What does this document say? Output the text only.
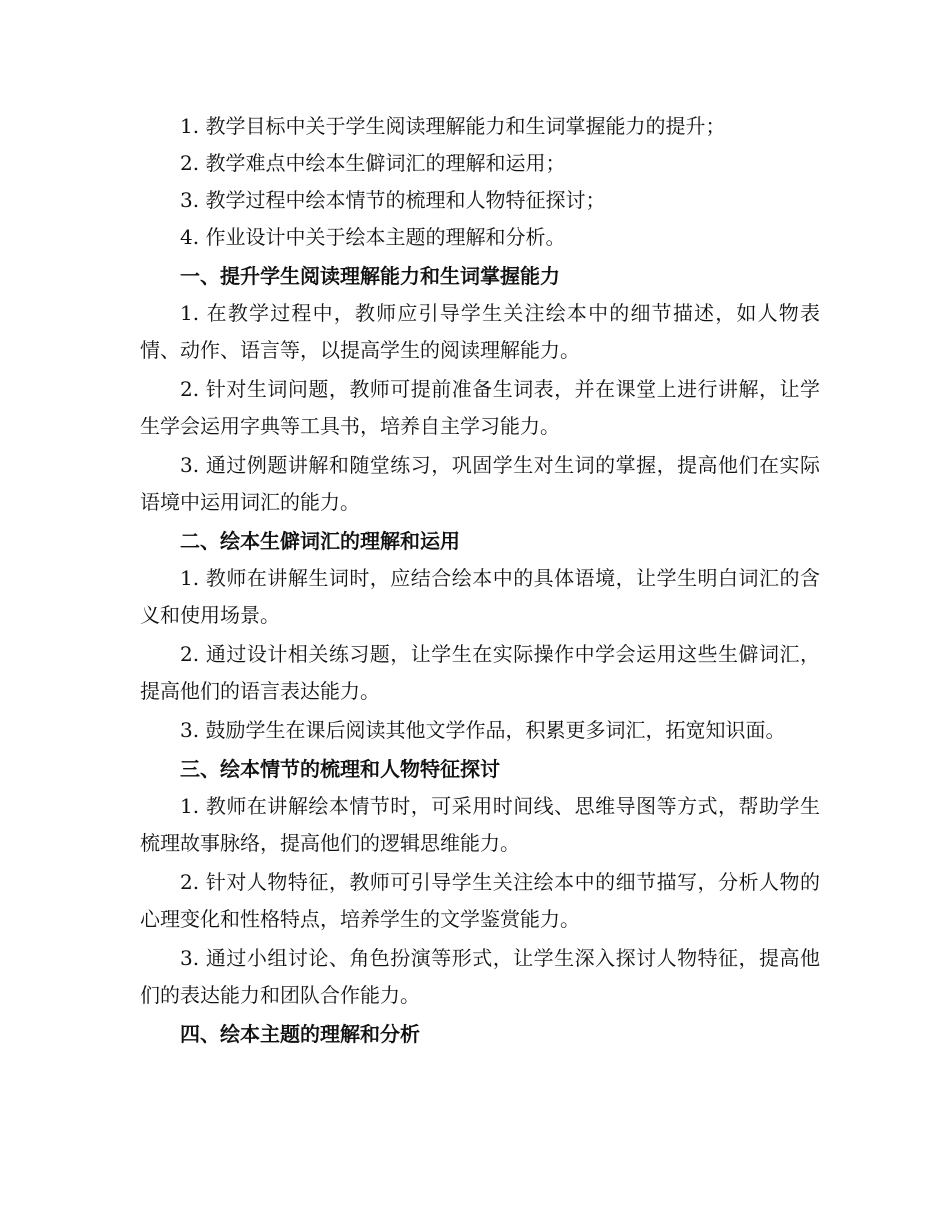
1. 教学目标中关于学生阅读理解能力和生词掌握能力的提升；

2. 教学难点中绘本生僻词汇的理解和运用；

3. 教学过程中绘本情节的梳理和人物特征探讨；

4. 作业设计中关于绘本主题的理解和分析。

一、提升学生阅读理解能力和生词掌握能力

1. 在教学过程中，教师应引导学生关注绘本中的细节描述，如人物表情、动作、语言等，以提高学生的阅读理解能力。

2. 针对生词问题，教师可提前准备生词表，并在课堂上进行讲解，让学生学会运用字典等工具书，培养自主学习能力。

3. 通过例题讲解和随堂练习，巩固学生对生词的掌握，提高他们在实际语境中运用词汇的能力。

二、绘本生僻词汇的理解和运用

1. 教师在讲解生词时，应结合绘本中的具体语境，让学生明白词汇的含义和使用场景。

2. 通过设计相关练习题，让学生在实际操作中学会运用这些生僻词汇，提高他们的语言表达能力。

3. 鼓励学生在课后阅读其他文学作品，积累更多词汇，拓宽知识面。

三、绘本情节的梳理和人物特征探讨

1. 教师在讲解绘本情节时，可采用时间线、思维导图等方式，帮助学生梳理故事脉络，提高他们的逻辑思维能力。

2. 针对人物特征，教师可引导学生关注绘本中的细节描写，分析人物的心理变化和性格特点，培养学生的文学鉴赏能力。

3. 通过小组讨论、角色扮演等形式，让学生深入探讨人物特征，提高他们的表达能力和团队合作能力。

四、绘本主题的理解和分析
